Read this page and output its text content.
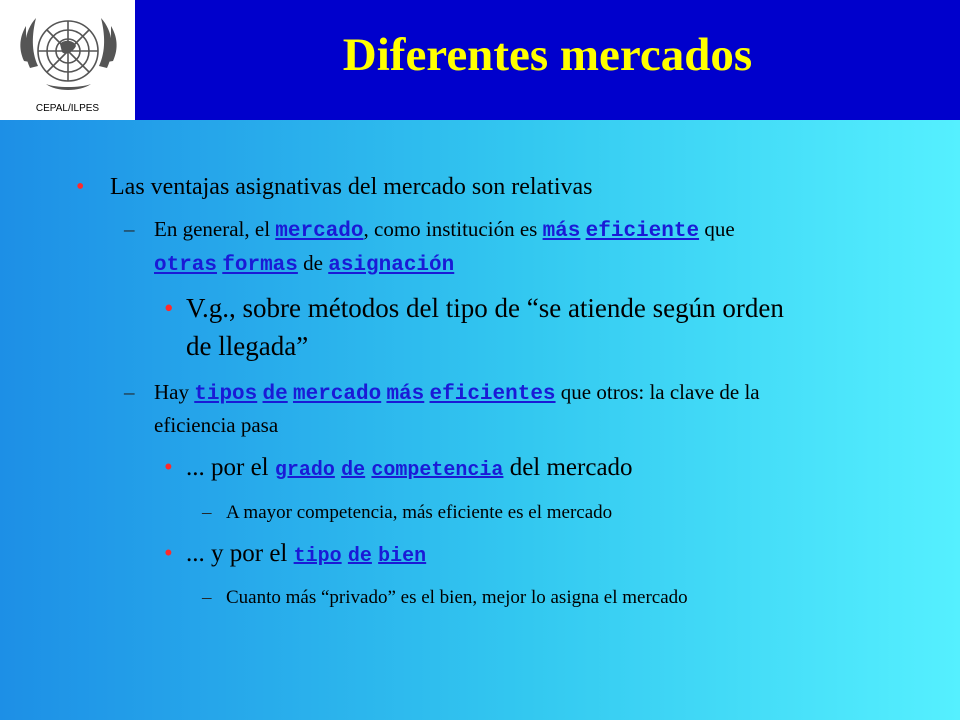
CEPAL/ILPES
Diferentes mercados
• Las ventajas asignativas del mercado son relativas
– En general, el mercado, como institución es más eficiente que
otras formas de asignación
• V.g., sobre métodos del tipo de “se atiende según orden
de llegada”
– Hay tipos de mercado más eficientes que otros: la clave de la
eficiencia pasa
• ... por el grado de competencia del mercado
– A mayor competencia, más eficiente es el mercado
• ... y por el tipo de bien
– Cuanto más “privado” es el bien, mejor lo asigna el mercado
